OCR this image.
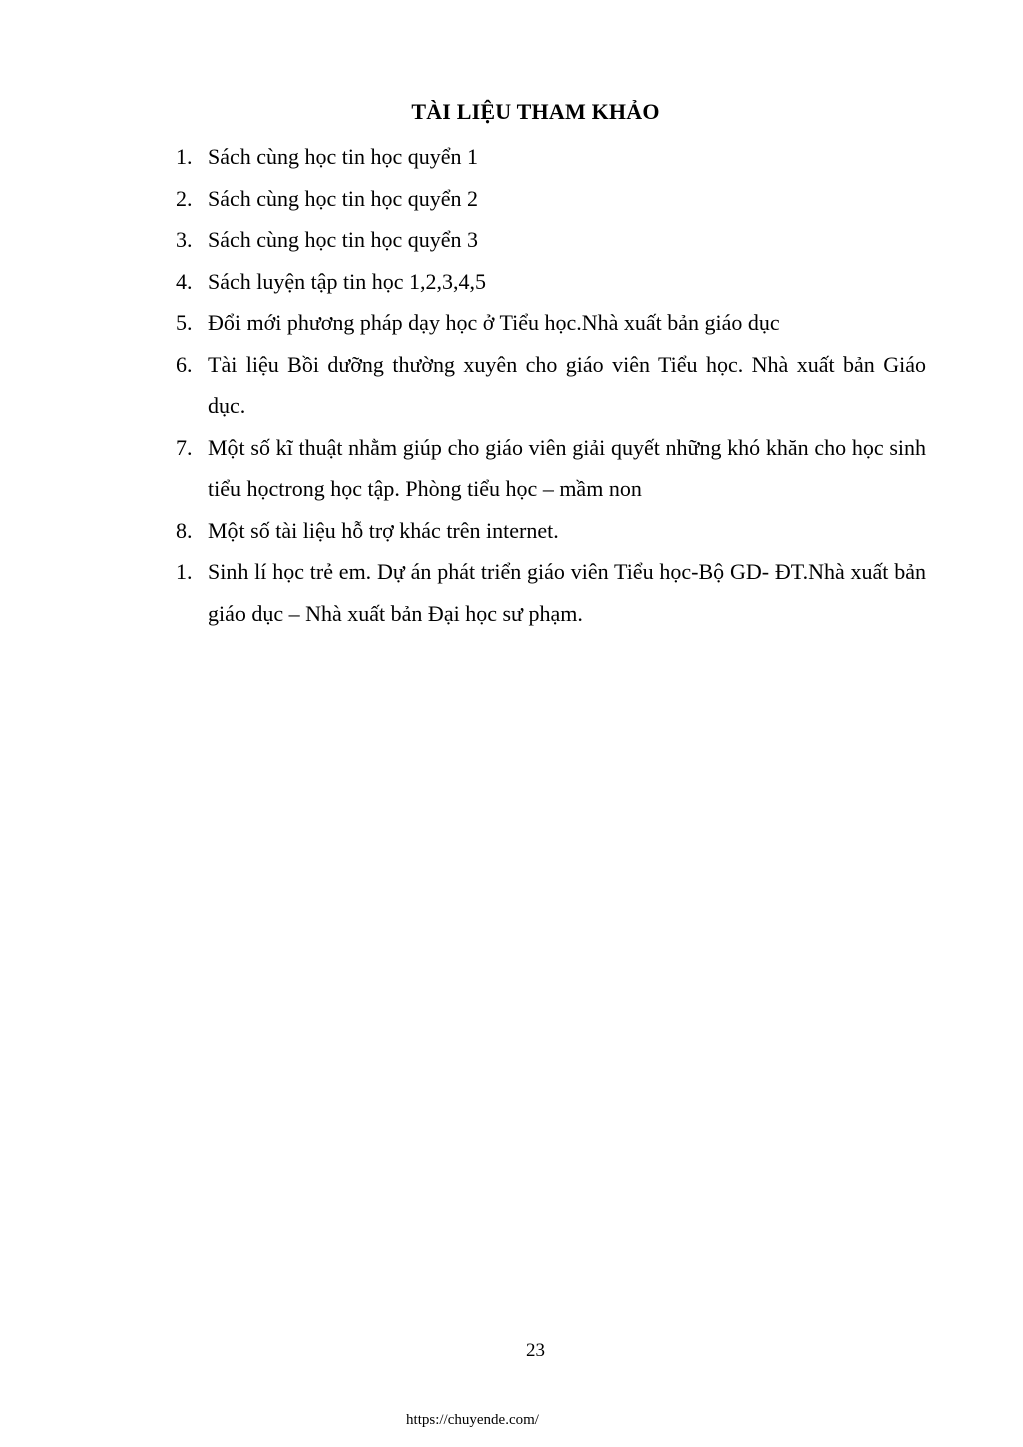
TÀI LIỆU THAM KHẢO
1. Sách cùng học tin học quyển 1
2. Sách cùng học tin học quyển 2
3. Sách cùng học tin học quyển 3
4. Sách luyện tập tin học 1,2,3,4,5
5. Đổi mới phương pháp dạy học ở Tiểu học.Nhà xuất bản giáo dục
6. Tài liệu Bồi dưỡng thường xuyên cho giáo viên Tiểu học. Nhà xuất bản Giáo dục.
7. Một số kĩ thuật nhằm giúp cho giáo viên giải quyết những khó khăn cho học sinh tiểu họctrong học tập. Phòng tiểu học – mầm non
8. Một số tài liệu hỗ trợ khác trên internet.
1. Sinh lí học trẻ em. Dự án phát triển giáo viên Tiểu học-Bộ GD- ĐT.Nhà xuất bản giáo dục – Nhà xuất bản Đại học sư phạm.
23
https://chuyende.com/
